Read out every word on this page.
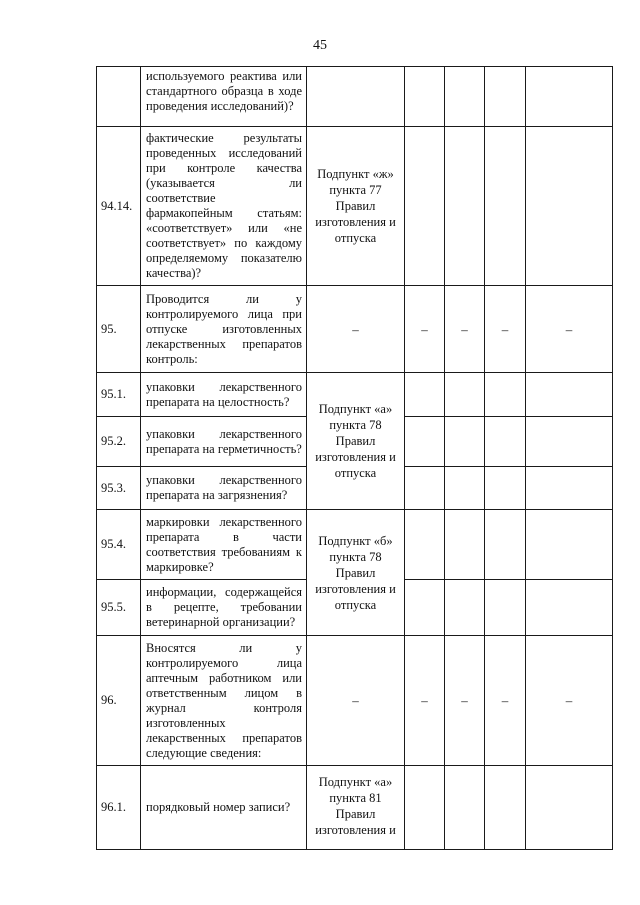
45
	используемого реактива или стандартного образца в ходе проведения исследований)?					
94.14.	фактические результаты проведенных исследований при контроле качества (указывается ли соответствие фармакопейным статьям: «соответствует» или «не соответствует» по каждому определяемому показателю качества)?	Подпункт «ж» пункта 77 Правил изготовления и отпуска				
95.	Проводится ли у контролируемого лица при отпуске изготовленных лекарственных препаратов контроль:	–	–	–	–	–
95.1.	упаковки лекарственного препарата на целостность?	Подпункт «а» пункта 78 Правил изготовления и отпуска				
95.2.	упаковки лекарственного препарата на герметичность?					
95.3.	упаковки лекарственного препарата на загрязнения?					
95.4.	маркировки лекарственного препарата в части соответствия требованиям к маркировке?	Подпункт «б» пункта 78 Правил изготовления и отпуска				
95.5.	информации, содержащейся в рецепте, требовании ветеринарной организации?					
96.	Вносятся ли у контролируемого лица аптечным работником или ответственным лицом в журнал контроля изготовленных лекарственных препаратов следующие сведения:	–	–	–	–	–
96.1.	порядковый номер записи?	Подпункт «а» пункта 81 Правил изготовления и				
